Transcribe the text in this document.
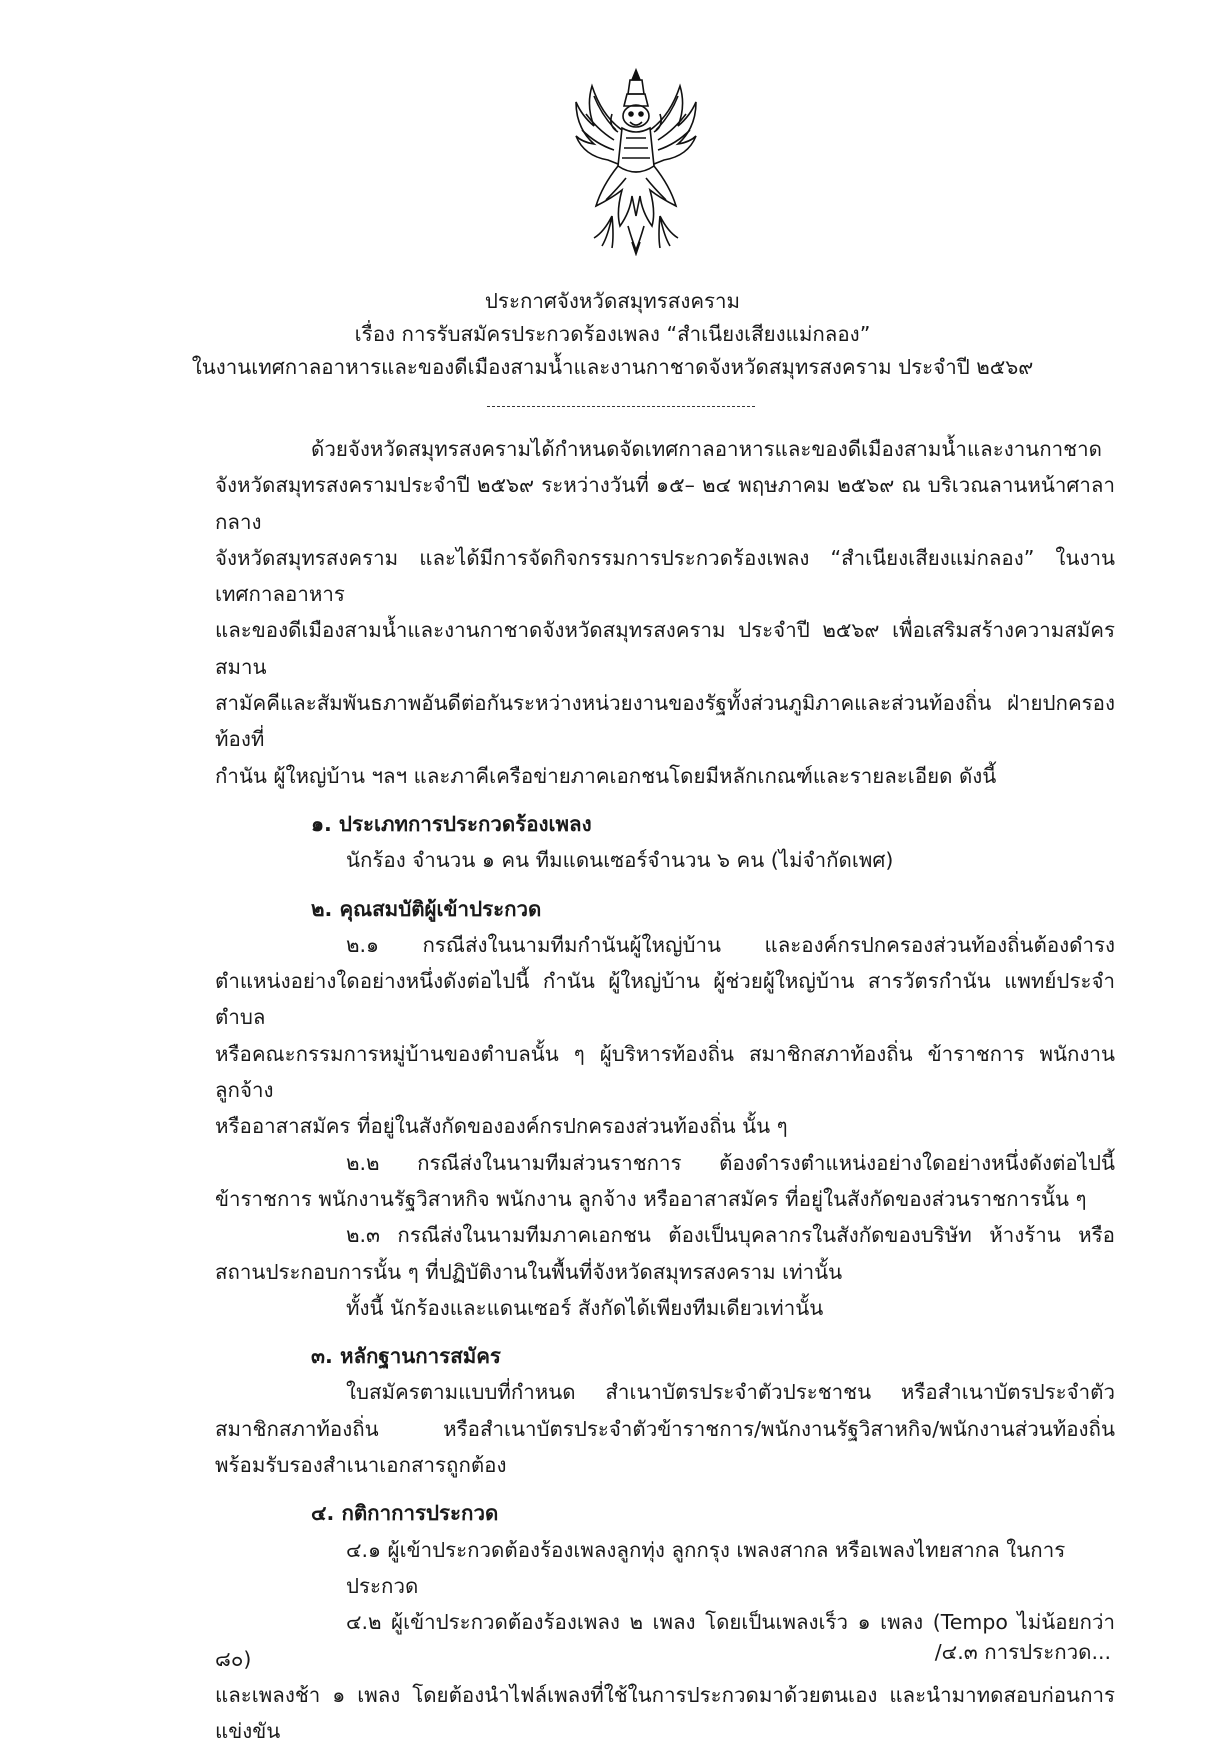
ประกาศจังหวัดสมุทรสงคราม
เรื่อง การรับสมัครประกวดร้องเพลง “สำเนียงเสียงแม่กลอง”
ในงานเทศกาลอาหารและของดีเมืองสามน้ำและงานกาชาดจังหวัดสมุทรสงคราม ประจำปี ๒๕๖๙

ด้วยจังหวัดสมุทรสงครามได้กำหนดจัดเทศกาลอาหารและของดีเมืองสามน้ำและงานกาชาด

จังหวัดสมุทรสงครามประจำปี ๒๕๖๙ ระหว่างวันที่ ๑๕– ๒๔ พฤษภาคม ๒๕๖๙ ณ บริเวณลานหน้าศาลากลาง

จังหวัดสมุทรสงคราม และได้มีการจัดกิจกรรมการประกวดร้องเพลง “สำเนียงเสียงแม่กลอง” ในงานเทศกาลอาหาร

และของดีเมืองสามน้ำและงานกาชาดจังหวัดสมุทรสงคราม ประจำปี ๒๕๖๙ เพื่อเสริมสร้างความสมัครสมาน

สามัคคีและสัมพันธภาพอันดีต่อกันระหว่างหน่วยงานของรัฐทั้งส่วนภูมิภาคและส่วนท้องถิ่น ฝ่ายปกครองท้องที่

กำนัน ผู้ใหญ่บ้าน ฯลฯ และภาคีเครือข่ายภาคเอกชนโดยมีหลักเกณฑ์และรายละเอียด ดังนี้

๑. ประเภทการประกวดร้องเพลง

นักร้อง จำนวน ๑ คน ทีมแดนเซอร์จำนวน ๖ คน (ไม่จำกัดเพศ)

๒. คุณสมบัติผู้เข้าประกวด

๒.๑ กรณีส่งในนามทีมกำนันผู้ใหญ่บ้าน และองค์กรปกครองส่วนท้องถิ่นต้องดำรง

ตำแหน่งอย่างใดอย่างหนึ่งดังต่อไปนี้ กำนัน ผู้ใหญ่บ้าน ผู้ช่วยผู้ใหญ่บ้าน สารวัตรกำนัน แพทย์ประจำตำบล

หรือคณะกรรมการหมู่บ้านของตำบลนั้น ๆ ผู้บริหารท้องถิ่น สมาชิกสภาท้องถิ่น ข้าราชการ พนักงาน ลูกจ้าง

หรืออาสาสมัคร ที่อยู่ในสังกัดขององค์กรปกครองส่วนท้องถิ่น นั้น ๆ

๒.๒ กรณีส่งในนามทีมส่วนราชการ ต้องดำรงตำแหน่งอย่างใดอย่างหนึ่งดังต่อไปนี้

ข้าราชการ พนักงานรัฐวิสาหกิจ พนักงาน ลูกจ้าง หรืออาสาสมัคร ที่อยู่ในสังกัดของส่วนราชการนั้น ๆ

๒.๓ กรณีส่งในนามทีมภาคเอกชน ต้องเป็นบุคลากรในสังกัดของบริษัท ห้างร้าน หรือ

สถานประกอบการนั้น ๆ ที่ปฏิบัติงานในพื้นที่จังหวัดสมุทรสงคราม เท่านั้น

ทั้งนี้ นักร้องและแดนเซอร์ สังกัดได้เพียงทีมเดียวเท่านั้น

๓. หลักฐานการสมัคร

ใบสมัครตามแบบที่กำหนด สำเนาบัตรประจำตัวประชาชน หรือสำเนาบัตรประจำตัว

สมาชิกสภาท้องถิ่น หรือสำเนาบัตรประจำตัวข้าราชการ/พนักงานรัฐวิสาหกิจ/พนักงานส่วนท้องถิ่น

พร้อมรับรองสำเนาเอกสารถูกต้อง

๔. กติกาการประกวด

๔.๑ ผู้เข้าประกวดต้องร้องเพลงลูกทุ่ง ลูกกรุง เพลงสากล หรือเพลงไทยสากล ในการประกวด

๔.๒ ผู้เข้าประกวดต้องร้องเพลง ๒ เพลง โดยเป็นเพลงเร็ว ๑ เพลง (Tempo ไม่น้อยกว่า ๘๐)

และเพลงช้า ๑ เพลง โดยต้องนำไฟล์เพลงที่ใช้ในการประกวดมาด้วยตนเอง และนำมาทดสอบก่อนการแข่งขัน

/๔.๓ การประกวด...
